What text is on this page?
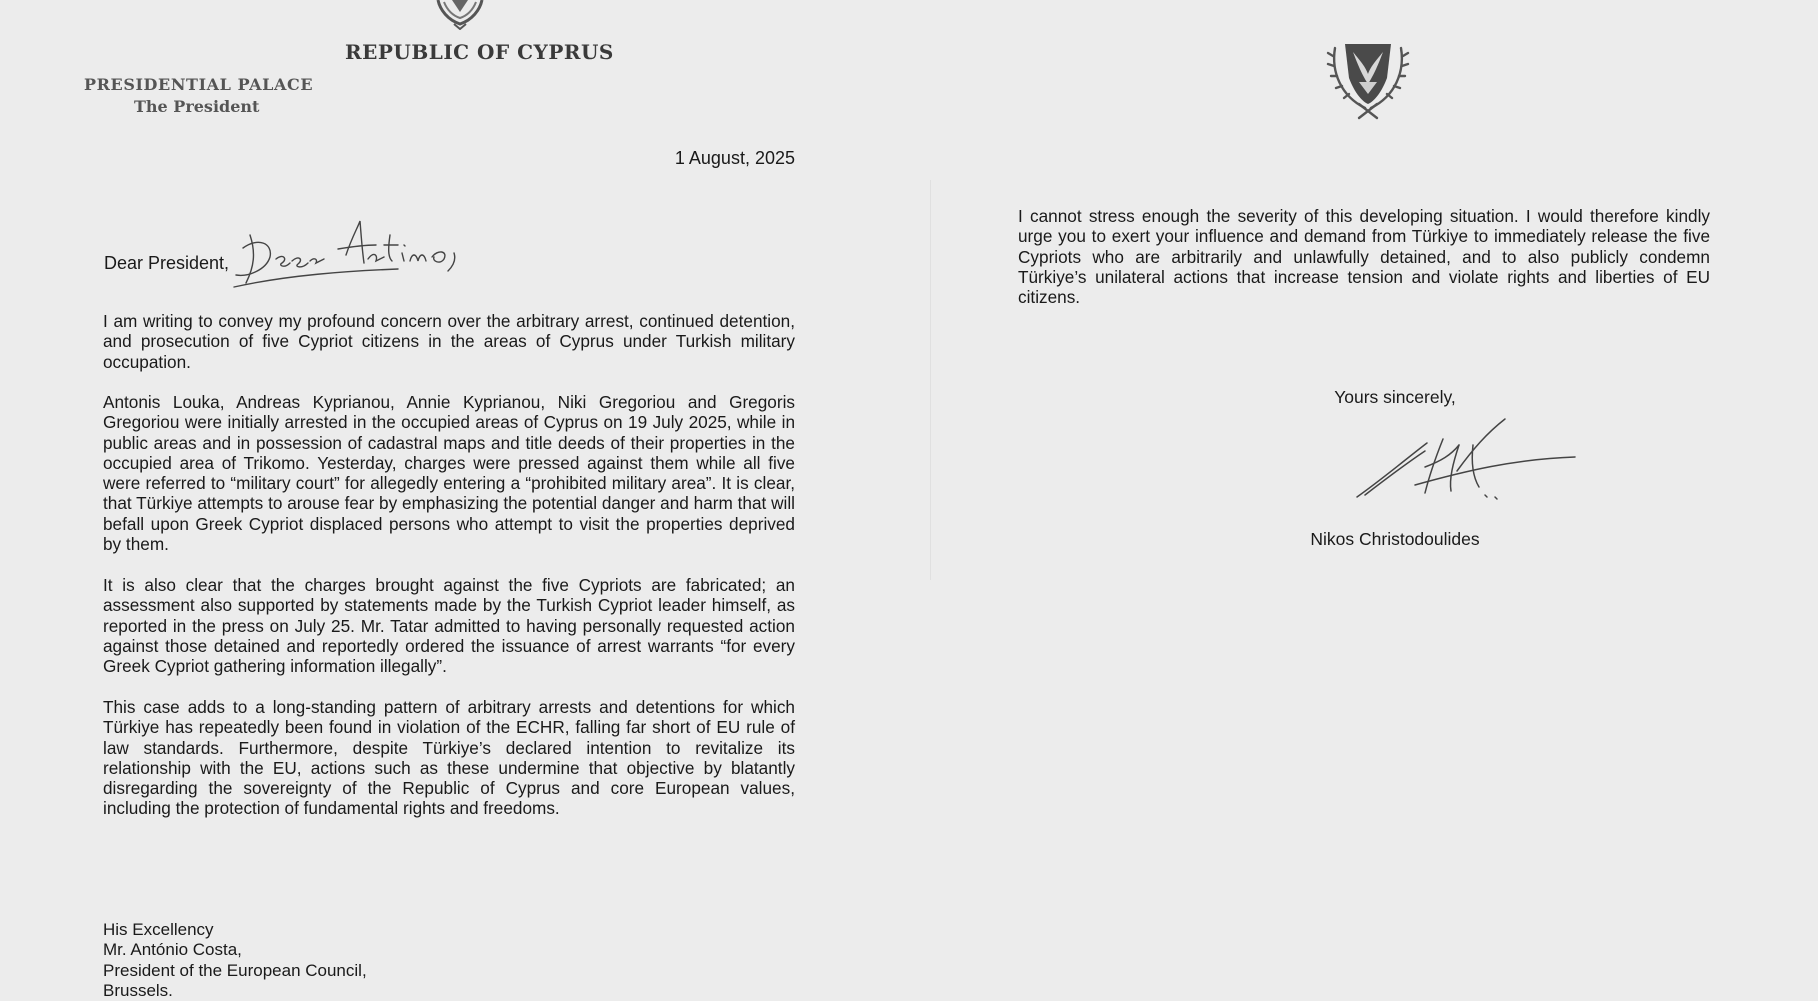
REPUBLIC OF CYPRUS
PRESIDENTIAL PALACE
The President
1 August, 2025
Dear President,

I am writing to convey my profound concern over the arbitrary arrest, continued detention, and prosecution of five Cypriot citizens in the areas of Cyprus under Turkish military occupation.

Antonis Louka, Andreas Kyprianou, Annie Kyprianou, Niki Gregoriou and Gregoris Gregoriou were initially arrested in the occupied areas of Cyprus on 19 July 2025, while in public areas and in possession of cadastral maps and title deeds of their properties in the occupied area of Trikomo. Yesterday, charges were pressed against them while all five were referred to “military court” for allegedly entering a “prohibited military area”. It is clear, that Türkiye attempts to arouse fear by emphasizing the potential danger and harm that will befall upon Greek Cypriot displaced persons who attempt to visit the properties deprived by them.

It is also clear that the charges brought against the five Cypriots are fabricated; an assessment also supported by statements made by the Turkish Cypriot leader himself, as reported in the press on July 25. Mr. Tatar admitted to having personally requested action against those detained and reportedly ordered the issuance of arrest warrants “for every Greek Cypriot gathering information illegally”.

This case adds to a long-standing pattern of arbitrary arrests and detentions for which Türkiye has repeatedly been found in violation of the ECHR, falling far short of EU rule of law standards. Furthermore, despite Türkiye’s declared intention to revitalize its relationship with the EU, actions such as these undermine that objective by blatantly disregarding the sovereignty of the Republic of Cyprus and core European values, including the protection of fundamental rights and freedoms.

His Excellency
Mr. António Costa,
President of the European Council,
Brussels.

I cannot stress enough the severity of this developing situation. I would therefore kindly urge you to exert your influence and demand from Türkiye to immediately release the five Cypriots who are arbitrarily and unlawfully detained, and to also publicly condemn Türkiye’s unilateral actions that increase tension and violate rights and liberties of EU citizens.

Yours sincerely,
Nikos Christodoulides
